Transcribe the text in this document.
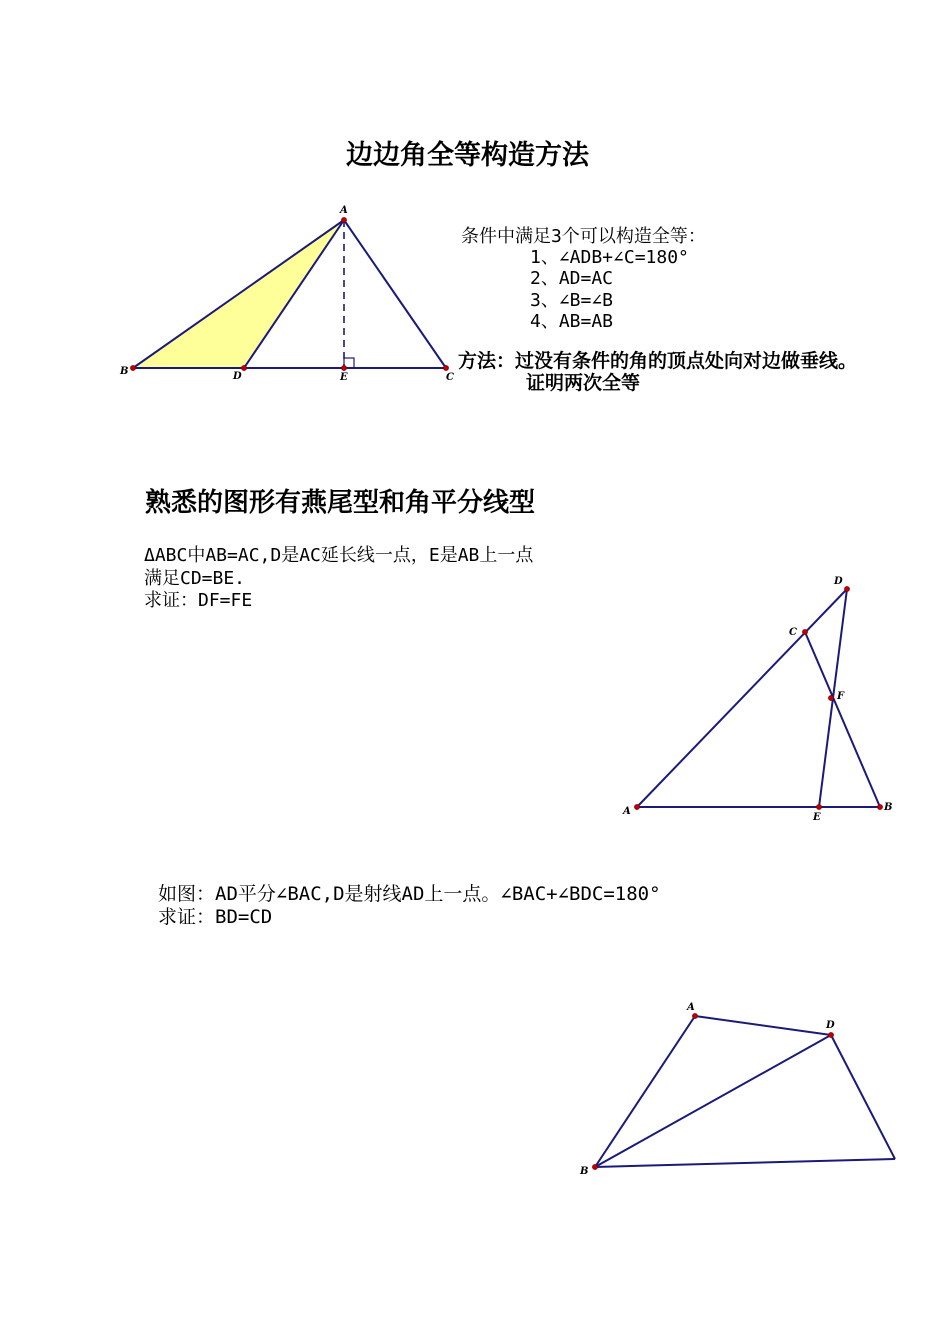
边边角全等构造方法
A
B
C
D	E
A	B
C
D
E
F
A
B
D
条件中满足3个可以构造全等：
1、∠ADB+∠C=180°
2、AD=AC
3、∠B=∠B
4、AB=AB
方法：过没有条件的角的顶点处向对边做垂线。
证明两次全等
熟悉的图形有燕尾型和角平分线型
ΔABC中AB=AC,D是AC延长线一点，E是AB上一点
满足CD=BE.
求证：DF=FE
如图：AD平分∠BAC,D是射线AD上一点。∠BAC+∠BDC=180°
求证：BD=CD
